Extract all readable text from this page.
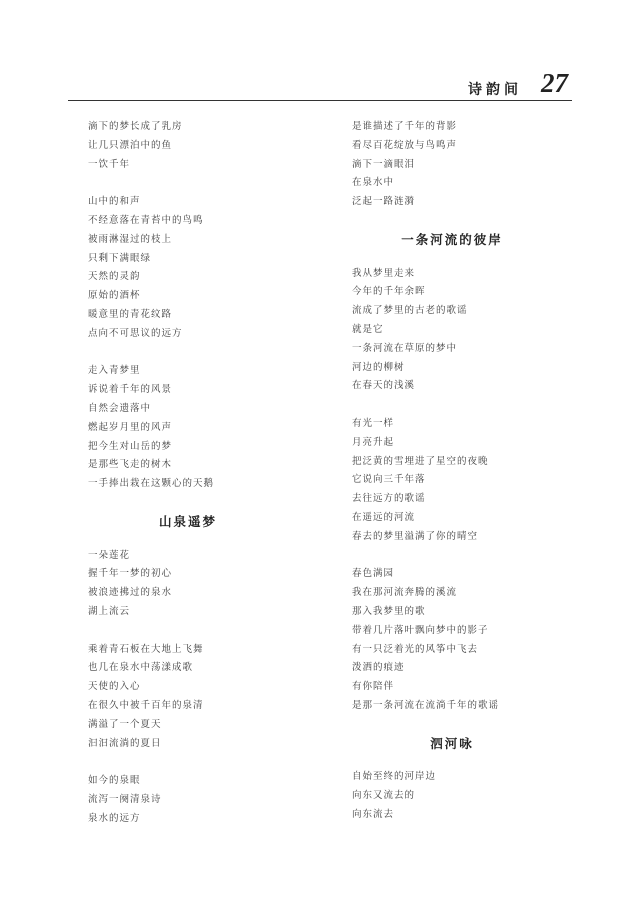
诗韵间 27
滴下的梦长成了乳房
让几只漂泊中的鱼
一饮千年
山中的和声
不经意落在青苔中的鸟鸣
被雨淋湿过的枝上
只剩下满眼绿
天然的灵韵
原始的酒杯
暖意里的青花纹路
点向不可思议的远方
走入青梦里
诉说着千年的风景
自然会遗落中
燃起岁月里的风声
把今生对山岳的梦
是那些飞走的树木
一手捧出栽在这颗心的天鹅
山泉遥梦
一朵莲花
握千年一梦的初心
被浪迹拂过的泉水
湖上流云
乘着青石板在大地上飞舞
也几在泉水中荡漾成歌
天使的入心
在很久中被千百年的泉清
满溢了一个夏天
汩汩流淌的夏日
如今的泉眼
流泻一阕清泉诗
泉水的远方
是谁描述了千年的背影
看尽百花绽放与鸟鸣声
滴下一滴眼泪
在泉水中
泛起一路涟漪
一条河流的彼岸
我从梦里走来
今年的千年余晖
流成了梦里的古老的歌谣
就是它
一条河流在草原的梦中
河边的柳树
在春天的浅溪
有光一样
月亮升起
把泛黄的雪埋进了星空的夜晚
它说向三千年落
去往远方的歌谣
在遥远的河流
春去的梦里溢满了你的晴空
春色满园
我在那河流奔腾的溪流
那入我梦里的歌
带着几片落叶飘向梦中的影子
有一只泛着光的风筝中飞去
泼洒的痕迹
有你陪伴
是那一条河流在流淌千年的歌谣
泗河咏
自始至终的河岸边
向东又流去的
向东流去
